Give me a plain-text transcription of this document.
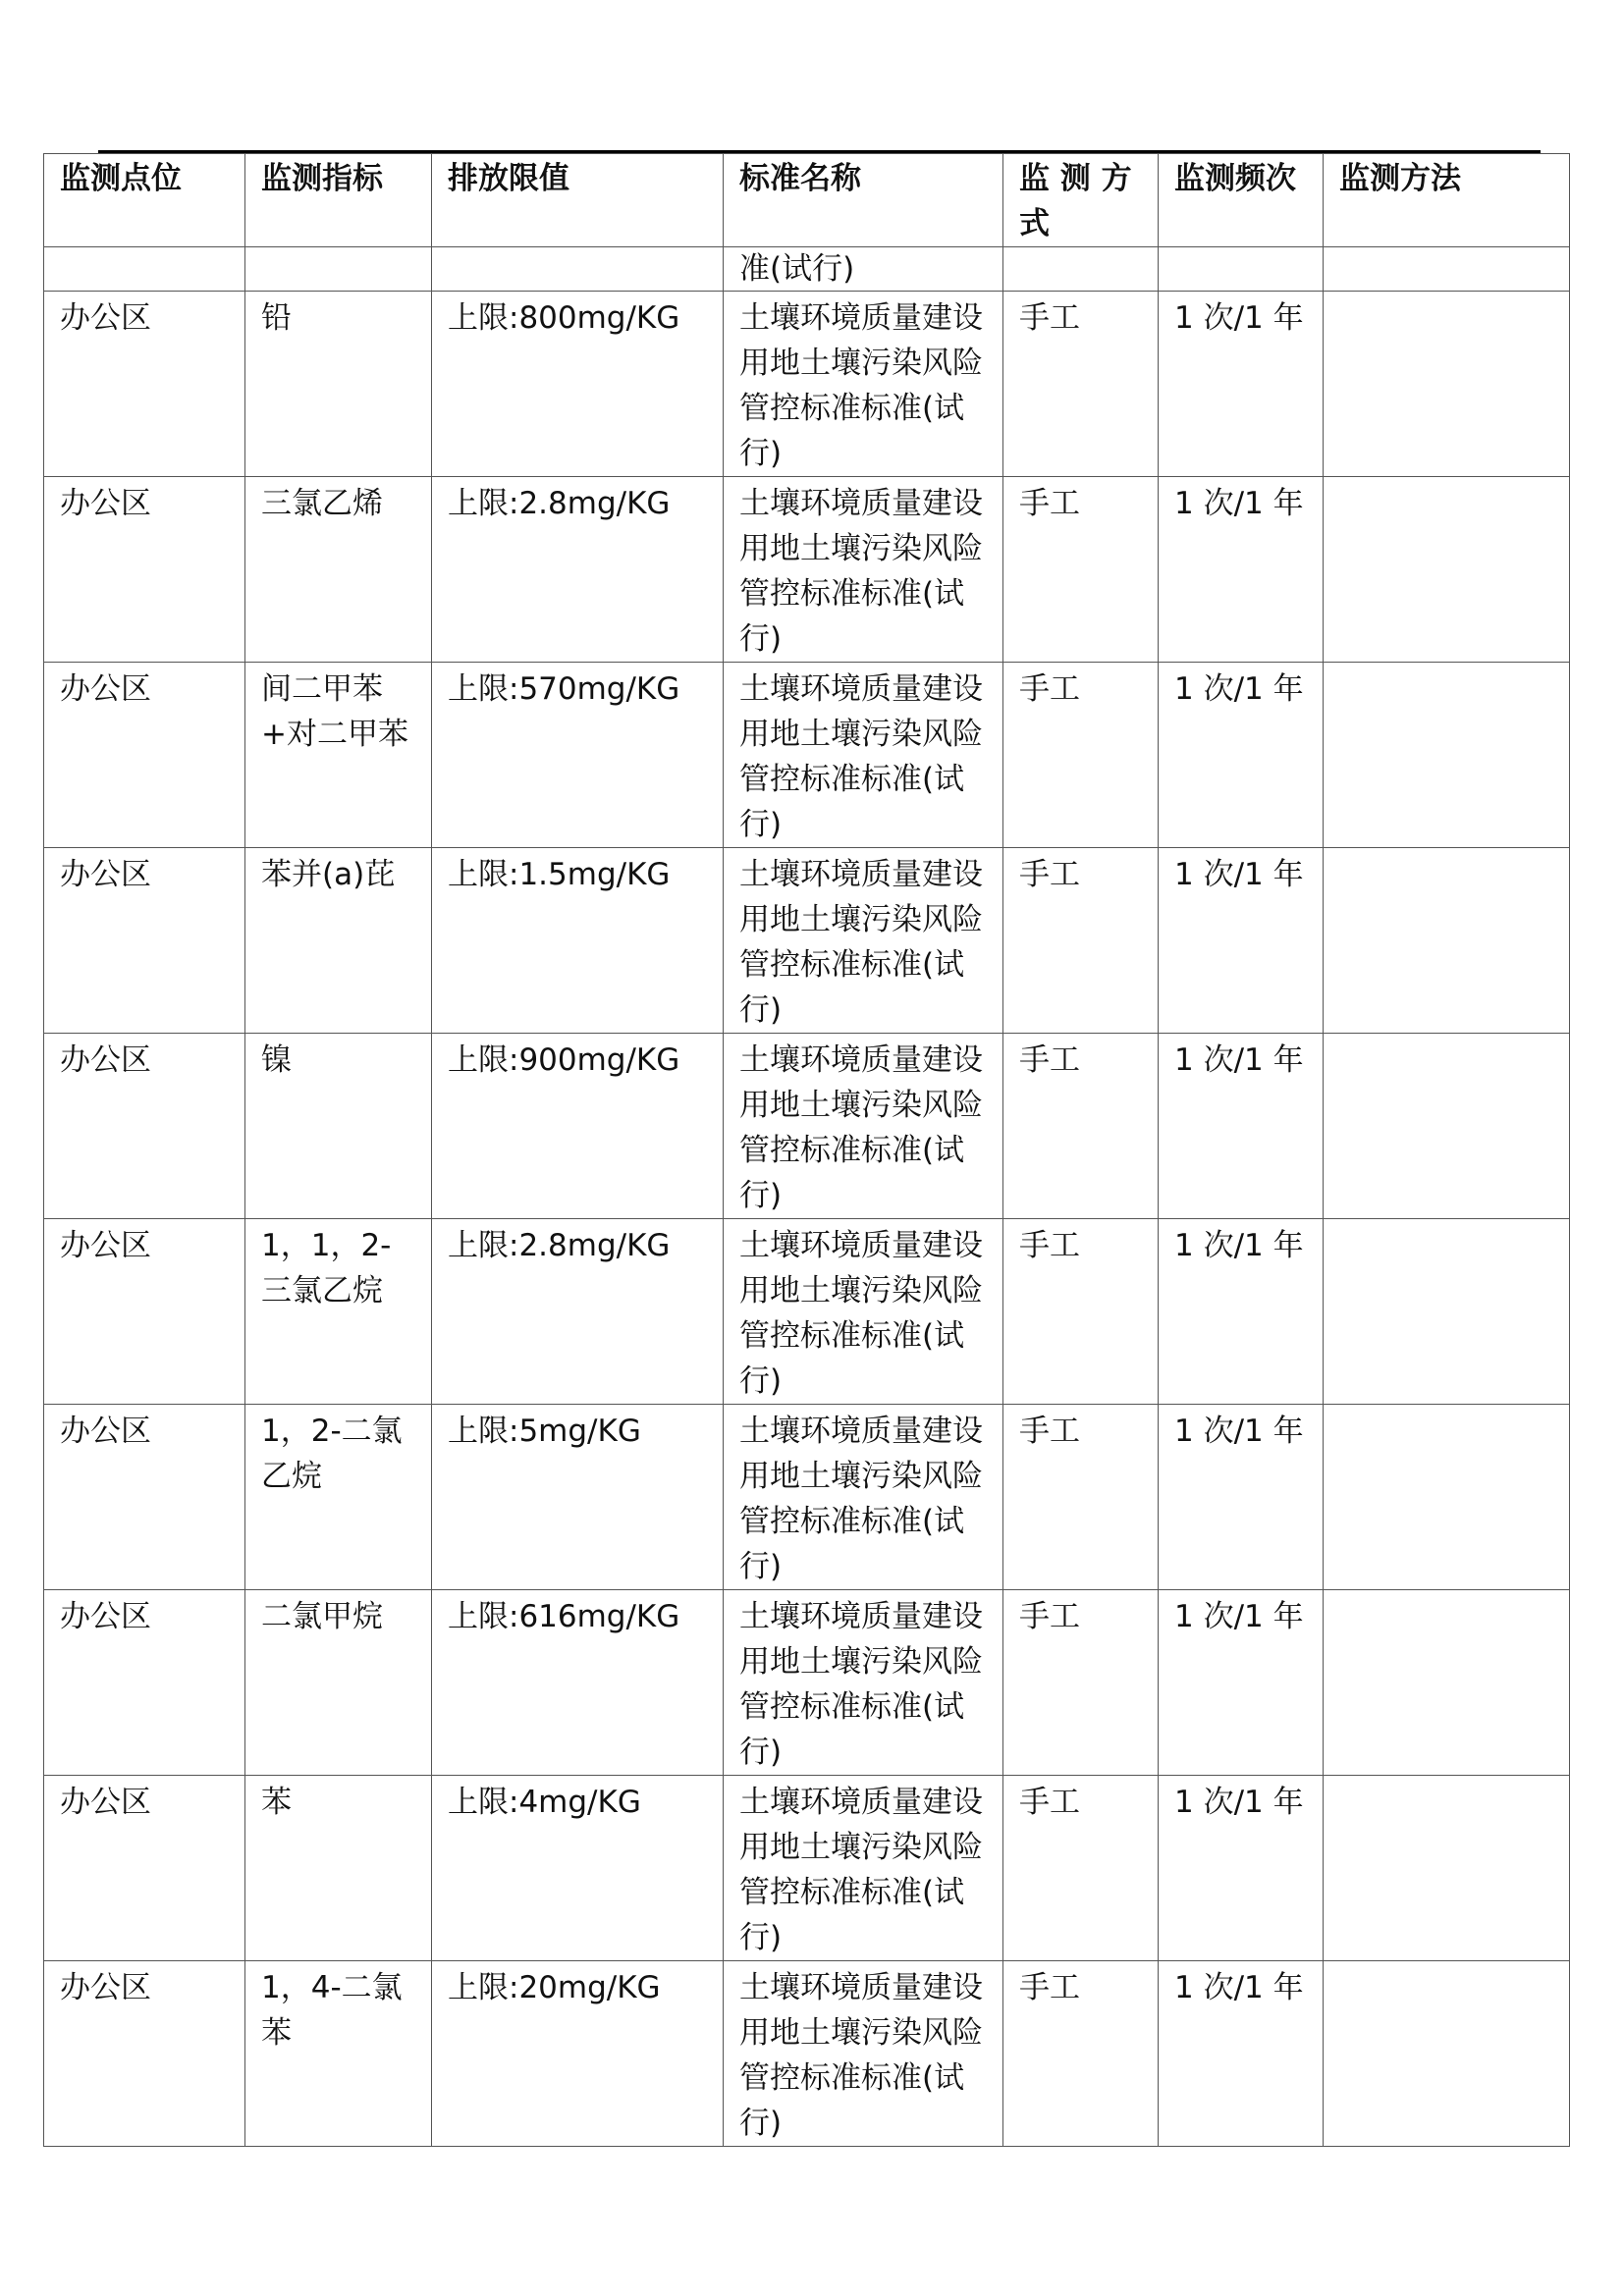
监测点位	监测指标	排放限值	标准名称	监 测 方 式	监测频次	监测方法
			准(试行)			
办公区	铅	上限:800mg/KG	土壤环境质量建设用地土壤污染风险管控标准标准(试行)	手工	1 次/1 年	
办公区	三氯乙烯	上限:2.8mg/KG	土壤环境质量建设用地土壤污染风险管控标准标准(试行)	手工	1 次/1 年	
办公区	间二甲苯+对二甲苯	上限:570mg/KG	土壤环境质量建设用地土壤污染风险管控标准标准(试行)	手工	1 次/1 年	
办公区	苯并(a)芘	上限:1.5mg/KG	土壤环境质量建设用地土壤污染风险管控标准标准(试行)	手工	1 次/1 年	
办公区	镍	上限:900mg/KG	土壤环境质量建设用地土壤污染风险管控标准标准(试行)	手工	1 次/1 年	
办公区	1，1，2-三氯乙烷	上限:2.8mg/KG	土壤环境质量建设用地土壤污染风险管控标准标准(试行)	手工	1 次/1 年	
办公区	1，2-二氯乙烷	上限:5mg/KG	土壤环境质量建设用地土壤污染风险管控标准标准(试行)	手工	1 次/1 年	
办公区	二氯甲烷	上限:616mg/KG	土壤环境质量建设用地土壤污染风险管控标准标准(试行)	手工	1 次/1 年	
办公区	苯	上限:4mg/KG	土壤环境质量建设用地土壤污染风险管控标准标准(试行)	手工	1 次/1 年	
办公区	1，4-二氯苯	上限:20mg/KG	土壤环境质量建设用地土壤污染风险管控标准标准(试行)	手工	1 次/1 年	
